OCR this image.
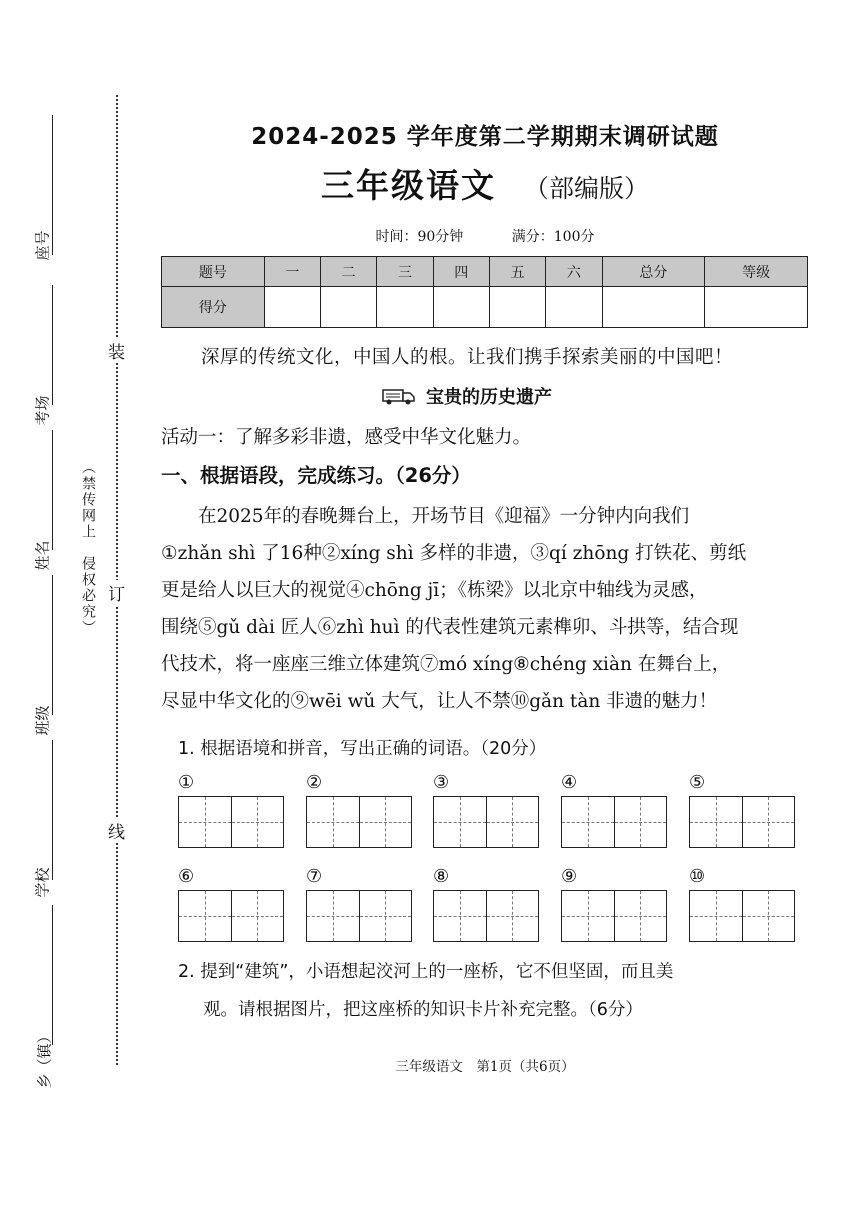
座号
考场
姓名
班级
学校
乡（镇）
（禁传网上　侵权必究）
装
订
线
2024-2025 学年度第二学期期末调研试题
三年级语文 （部编版）
时间：90分钟	满分：100分
题号	一	二	三	四	五	六	总分	等级
得分								
深厚的传统文化，中国人的根。让我们携手探索美丽的中国吧！
宝贵的历史遗产
活动一：了解多彩非遗，感受中华文化魅力。
一、根据语段，完成练习。（26分）
　　在2025年的春晚舞台上，开场节目《迎福》一分钟内向我们
①zhǎn shì 了16种②xíng shì 多样的非遗，③qí zhōng 打铁花、剪纸
更是给人以巨大的视觉④chōng jī；《栋梁》以北京中轴线为灵感，
围绕⑤gǔ dài 匠人⑥zhì huì 的代表性建筑元素榫卯、斗拱等，结合现
代技术，将一座座三维立体建筑⑦mó xíng⑧chéng xiàn 在舞台上，
尽显中华文化的⑨wēi wǔ 大气，让人不禁⑩gǎn tàn 非遗的魅力！
1. 根据语境和拼音，写出正确的词语。（20分）
①	②	③	④	⑤
⑥	⑦	⑧	⑨	⑩
2. 提到“建筑”，小语想起洨河上的一座桥，它不但坚固，而且美
观。请根据图片，把这座桥的知识卡片补充完整。（6分）
三年级语文　第1页（共6页）
